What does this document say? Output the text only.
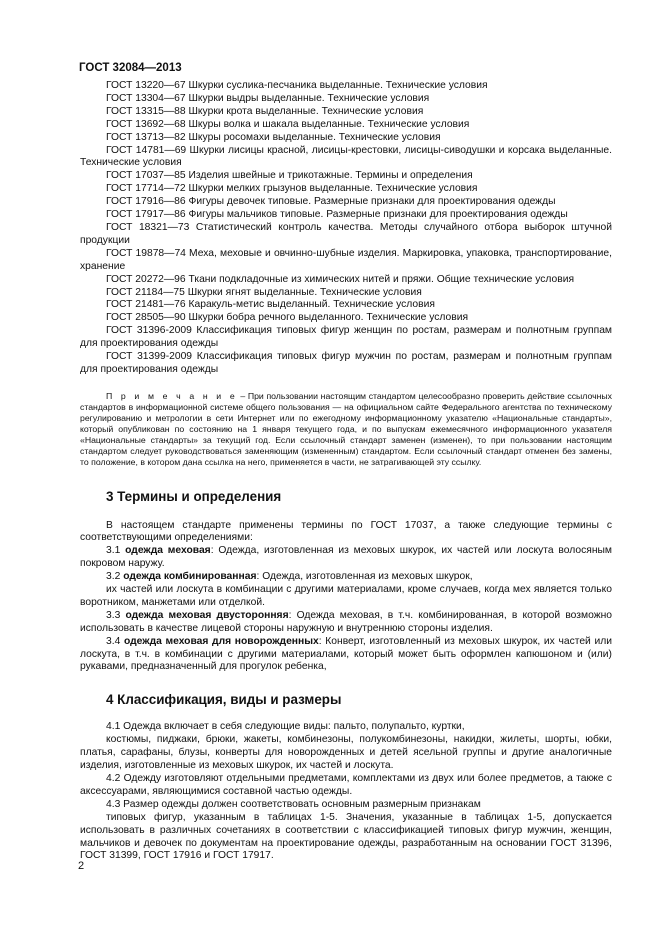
ГОСТ 32084—2013

ГОСТ 13220—67 Шкурки суслика-песчаника выделанные. Технические условия

ГОСТ 13304—67 Шкурки выдры выделанные. Технические условия

ГОСТ 13315—88 Шкурки крота выделанные. Технические условия

ГОСТ 13692—68 Шкуры волка и шакала выделанные. Технические условия

ГОСТ 13713—82 Шкуры росомахи выделанные. Технические условия

ГОСТ 14781—69 Шкурки лисицы красной, лисицы-крестовки, лисицы-сиводушки и корсака выделанные. Технические условия

ГОСТ 17037—85 Изделия швейные и трикотажные. Термины и определения

ГОСТ 17714—72 Шкурки мелких грызунов выделанные. Технические условия

ГОСТ 17916—86 Фигуры девочек типовые. Размерные признаки для проектирования одежды

ГОСТ 17917—86 Фигуры мальчиков типовые. Размерные признаки для проектирования одежды

ГОСТ 18321—73 Статистический контроль качества. Методы случайного отбора выборок штучной продукции

ГОСТ 19878—74 Меха, меховые и овчинно-шубные изделия. Маркировка, упаковка, транспортирование, хранение

ГОСТ 20272—96 Ткани подкладочные из химических нитей и пряжи. Общие технические условия

ГОСТ 21184—75 Шкурки ягнят выделанные. Технические условия

ГОСТ 21481—76 Каракуль-метис выделанный. Технические условия

ГОСТ 28505—90 Шкурки бобра речного выделанного. Технические условия

ГОСТ 31396-2009 Классификация типовых фигур женщин по ростам, размерам и полнотным группам для проектирования одежды

ГОСТ 31399-2009 Классификация типовых фигур мужчин по ростам, размерам и полнотным группам для проектирования одежды

П р и м е ч а н и е – При пользовании настоящим стандартом целесообразно проверить действие ссылочных стандартов в информационной системе общего пользования — на официальном сайте Федерального агентства по техническому регулированию и метрологии в сети Интернет или по ежегодному информационному указателю «Национальные стандарты», который опубликован по состоянию на 1 января текущего года, и по выпускам ежемесячного информационного указателя «Национальные стандарты» за текущий год. Если ссылочный стандарт заменен (изменен), то при пользовании настоящим стандартом следует руководствоваться заменяющим (измененным) стандартом. Если ссылочный стандарт отменен без замены, то положение, в котором дана ссылка на него, применяется в части, не затрагивающей эту ссылку.
3 Термины и определения

В настоящем стандарте применены термины по ГОСТ 17037, а также следующие термины с соответствующими определениями:

3.1 одежда меховая: Одежда, изготовленная из меховых шкурок, их частей или лоскута волосяным покровом наружу.

3.2 одежда комбинированная: Одежда, изготовленная из меховых шкурок,

их частей или лоскута в комбинации с другими материалами, кроме случаев, когда мех является только воротником, манжетами или отделкой.

3.3 одежда меховая двусторонняя: Одежда меховая, в т.ч. комбинированная, в которой возможно использовать в качестве лицевой стороны наружную и внутреннюю стороны изделия.

3.4 одежда меховая для новорожденных: Конверт, изготовленный из меховых шкурок, их частей или лоскута, в т.ч. в комбинации с другими материалами, который может быть оформлен капюшоном и (или) рукавами, предназначенный для прогулок ребенка,

4 Классификация, виды и размеры

4.1 Одежда включает в себя следующие виды: пальто, полупальто, куртки,

костюмы, пиджаки, брюки, жакеты, комбинезоны, полукомбинезоны, накидки, жилеты, шорты, юбки, платья, сарафаны, блузы, конверты для новорожденных и детей ясельной группы и другие аналогичные изделия, изготовленные из меховых шкурок, их частей и лоскута.

4.2 Одежду изготовляют отдельными предметами, комплектами из двух или более предметов, а также с аксессуарами, являющимися составной частью одежды.

4.3 Размер одежды должен соответствовать основным размерным признакам

типовых фигур, указанным в таблицах 1-5. Значения, указанные в таблицах 1-5, допускается использовать в различных сочетаниях в соответствии с классификацией типовых фигур мужчин, женщин, мальчиков и девочек по документам на проектирование одежды, разработанным на основании ГОСТ 31396, ГОСТ 31399, ГОСТ 17916 и ГОСТ 17917.

2
